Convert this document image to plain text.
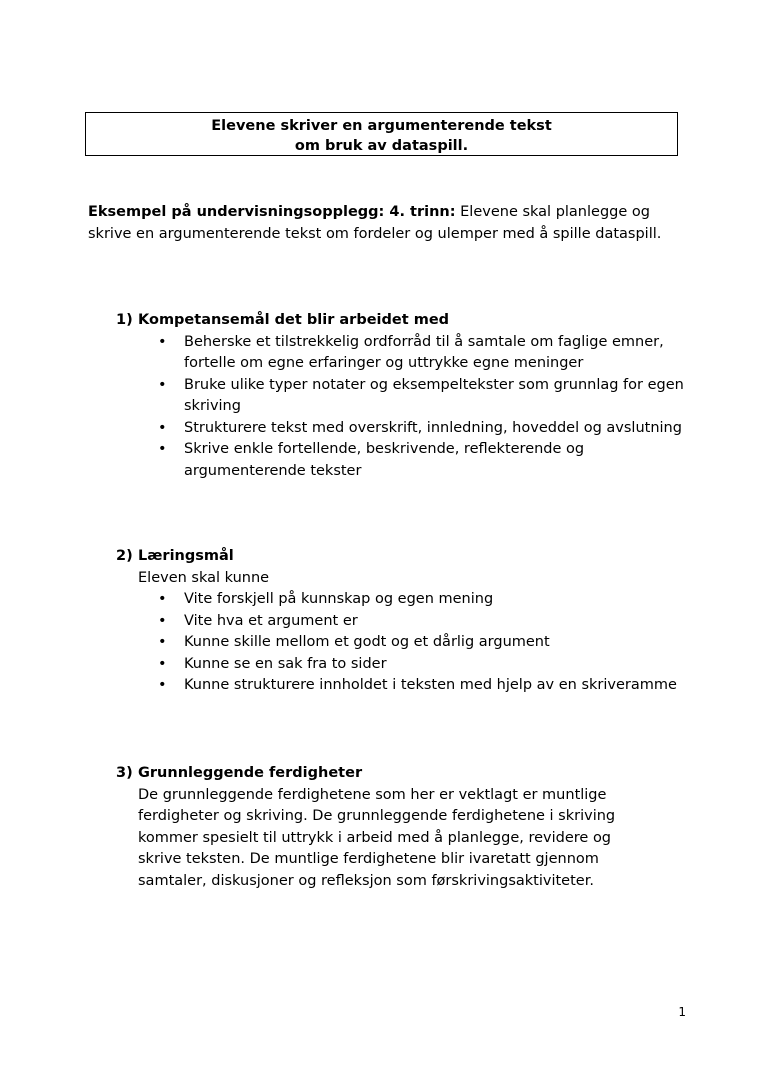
Elevene skriver en argumenterende tekst
om bruk av dataspill.
Eksempel på undervisningsopplegg: 4. trinn: Elevene skal planlegge og skrive en argumenterende tekst om fordeler og ulemper med å spille dataspill.
1) Kompetansemål det blir arbeidet med
• Beherske et tilstrekkelig ordforråd til å samtale om faglige emner, fortelle om egne erfaringer og uttrykke egne meninger
• Bruke ulike typer notater og eksempeltekster som grunnlag for egen skriving
• Strukturere tekst med overskrift, innledning, hoveddel og avslutning
• Skrive enkle fortellende, beskrivende, reflekterende og argumenterende tekster
2) Læringsmål
Eleven skal kunne
• Vite forskjell på kunnskap og egen mening
• Vite hva et argument er
• Kunne skille mellom et godt og et dårlig argument
• Kunne se en sak fra to sider
• Kunne strukturere innholdet i teksten med hjelp av en skriveramme
3) Grunnleggende ferdigheter
De grunnleggende ferdighetene som her er vektlagt er muntlige ferdigheter og skriving. De grunnleggende ferdighetene i skriving kommer spesielt til uttrykk i arbeid med å planlegge, revidere og skrive teksten. De muntlige ferdighetene blir ivaretatt gjennom samtaler, diskusjoner og refleksjon som førskrivingsaktiviteter.
1
